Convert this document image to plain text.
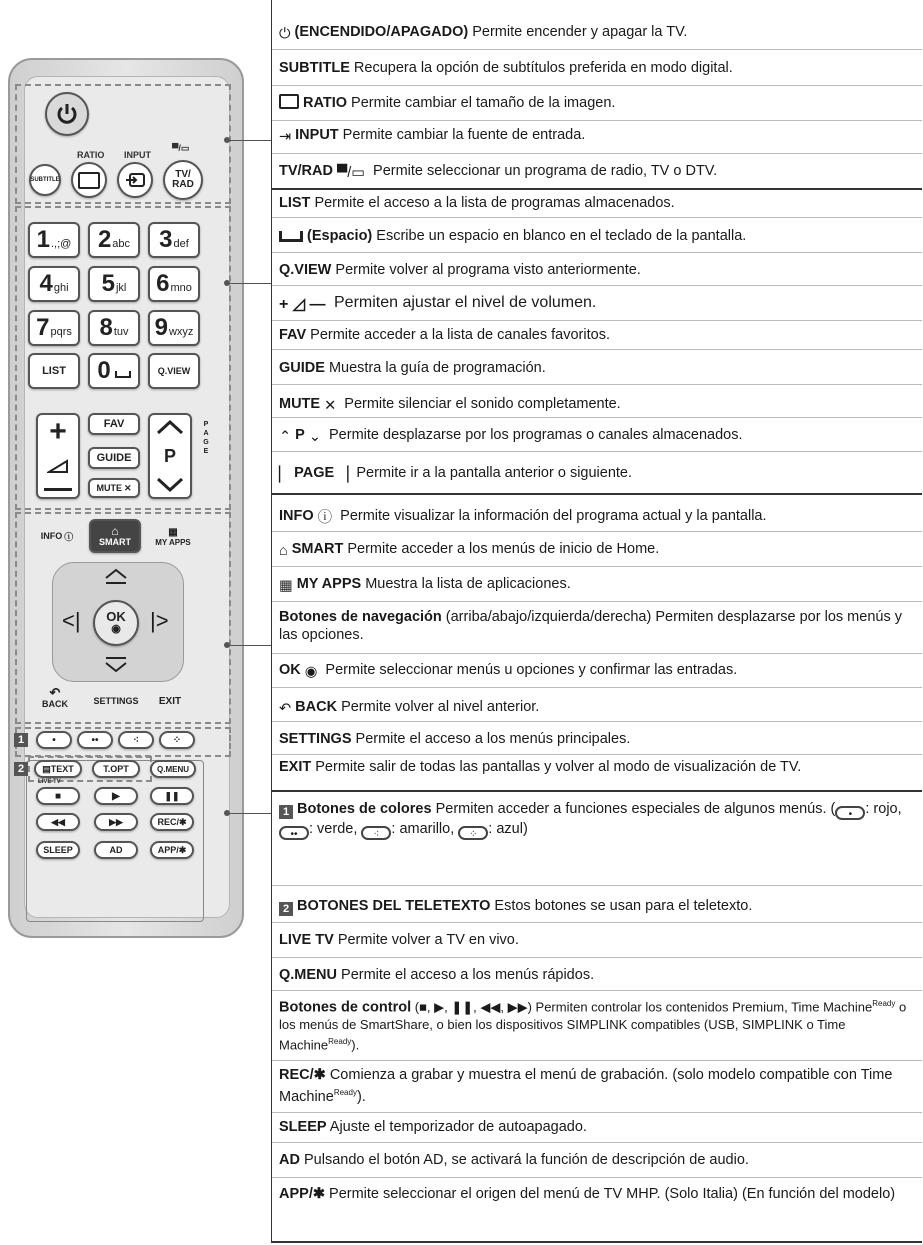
RATIO INPUT
▀/▭
SUBTITLE	TV/
RAD
1.,;@ 2abc 3def
4ghi 5jkl 6mno
7pqrs 8tuv 9wxyz
LIST 0	Q.VIEW
+	FAV
GUIDE
MUTE ✕
P
PAGE
INFO ⓘ	⌂
SMART
▦
MY APPS
<|	|>
OK
◉
↶
BACK	SETTINGS EXIT
1	•	••	⁖	⁘
2 ▤ TEXT	T.OPT	Q.MENU
LIVE TV
■	▶	❚❚
◀◀	▶▶	REC/✱
SLEEP	AD	APP/✱
⏻ (ENCENDIDO/APAGADO) Permite encender y apagar la TV.
SUBTITLE Recupera la opción de subtítulos preferida en modo digital.
RATIO Permite cambiar el tamaño de la imagen.
⇥ INPUT Permite cambiar la fuente de entrada.
TV/RAD ▀/▭ Permite seleccionar un programa de radio, TV o DTV.
LIST Permite el acceso a la lista de programas almacenados.
(Espacio) Escribe un espacio en blanco en el teclado de la pantalla.
Q.VIEW Permite volver al programa visto anteriormente.
+ ◿ — Permiten ajustar el nivel de volumen.
FAV Permite acceder a la lista de canales favoritos.
GUIDE Muestra la guía de programación.
MUTE ✕ Permite silenciar el sonido completamente.
⌃ P ⌄ Permite desplazarse por los programas o canales almacenados.
▏ PAGE ▕ Permite ir a la pantalla anterior o siguiente.
INFO ⓘ Permite visualizar la información del programa actual y la pantalla.
⌂ SMART Permite acceder a los menús de inicio de Home.
▦ MY APPS Muestra la lista de aplicaciones.
Botones de navegación (arriba/abajo/izquierda/derecha) Permiten desplazarse por los menús y las opciones.
OK ◉ Permite seleccionar menús u opciones y confirmar las entradas.
↶ BACK Permite volver al nivel anterior.
SETTINGS Permite el acceso a los menús principales.
EXIT Permite salir de todas las pantallas y volver al modo de visualización de TV.
1 Botones de colores Permiten acceder a funciones especiales de algunos menús. ( • : rojo, •• : verde, ⁖ : amarillo, ⁘ : azul)
2 BOTONES DEL TELETEXTO Estos botones se usan para el teletexto.
LIVE TV Permite volver a TV en vivo.
Q.MENU Permite el acceso a los menús rápidos.
Botones de control (■, ▶, ❚❚, ◀◀, ▶▶) Permiten controlar los contenidos Premium, Time Machine$^{Ready}$ o los menús de SmartShare, o bien los dispositivos SIMPLINK compatibles (USB, SIMPLINK o Time Machine$^{Ready}$).
REC/✱ Comienza a grabar y muestra el menú de grabación. (solo modelo compatible con Time Machine$^{Ready}$).
SLEEP Ajuste el temporizador de autoapagado.
AD Pulsando el botón AD, se activará la función de descripción de audio.
APP/✱ Permite seleccionar el origen del menú de TV MHP. (Solo Italia) (En función del modelo)
